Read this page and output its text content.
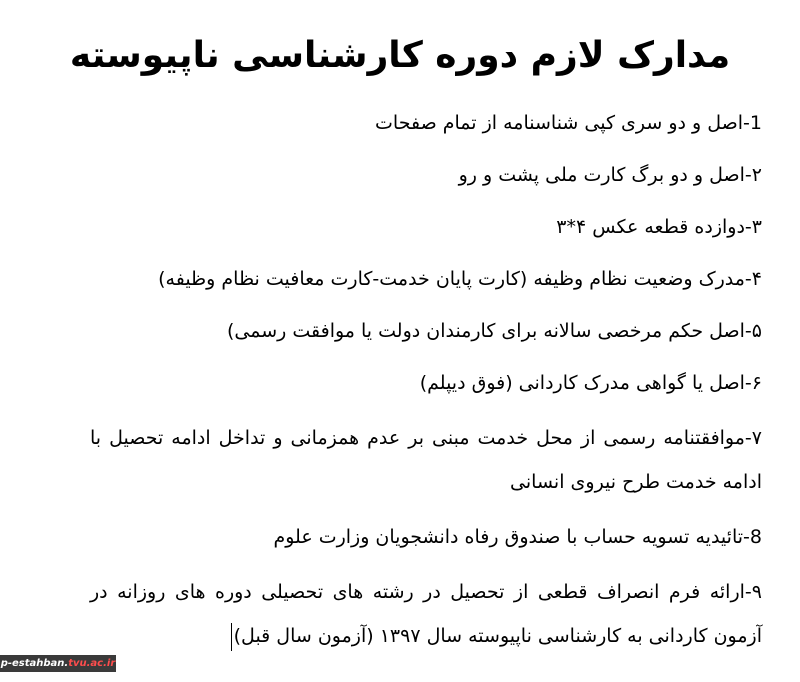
مدارک لازم دوره کارشناسی ناپیوسته
1-اصل و دو سری کپی شناسنامه از تمام صفحات
۲-اصل و دو برگ کارت ملی پشت و رو
۳-دوازده قطعه عکس ۴*۳
۴-مدرک وضعیت نظام وظیفه (کارت پایان خدمت-کارت معافیت نظام وظیفه)
۵-اصل حکم مرخصی سالانه برای کارمندان دولت یا موافقت رسمی)
۶-اصل یا گواهی مدرک کاردانی (فوق دیپلم)
۷-موافقتنامه رسمی از محل خدمت مبنی بر عدم همزمانی و تداخل ادامه تحصیل با ادامه خدمت طرح نیروی انسانی
8-تائیدیه تسویه حساب با صندوق رفاه دانشجویان وزارت علوم
۹-ارائه فرم انصراف قطعی از تحصیل در رشته های تحصیلی دوره های روزانه در آزمون کاردانی به کارشناسی ناپیوسته سال ۱۳۹۷ (آزمون سال قبل)
p-estahban.tvu.ac.ir
